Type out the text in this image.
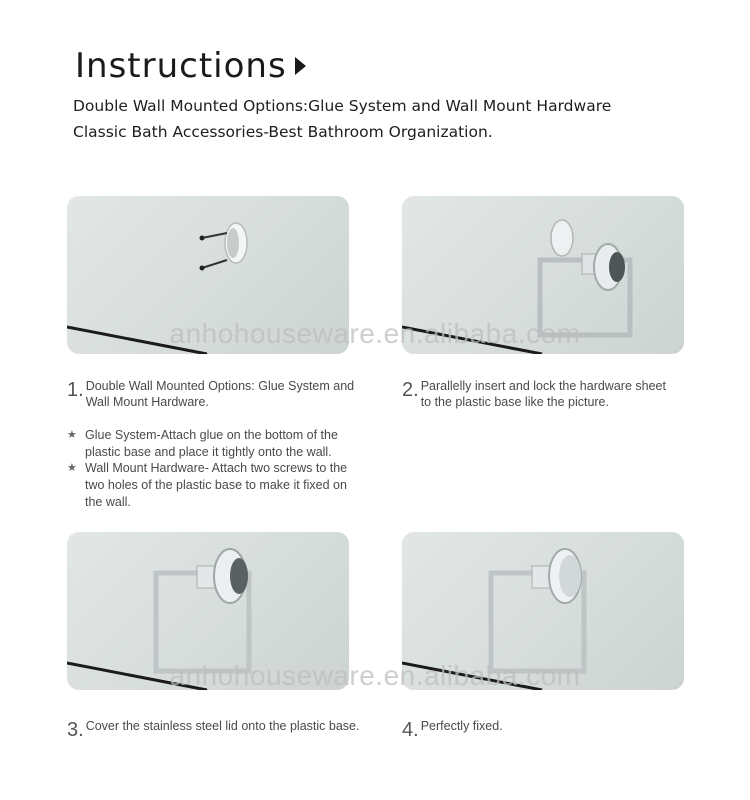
Instructions

Double Wall Mounted Options:Glue System and Wall Mount Hardware

Classic Bath Accessories-Best Bathroom Organization.

anhohouseware.en.alibaba.com
1. Double Wall Mounted Options: Glue System and
Wall Mount Hardware.
2. Parallelly insert and lock the hardware sheet
to the plastic base like the picture.
★ Glue System-Attach glue on the bottom of the
plastic base and place it tightly onto the wall.
★ Wall Mount Hardware- Attach two screws to the
two holes of the plastic base to make it fixed on
the wall.
anhohouseware.en.alibaba.com
3. Cover the stainless steel lid onto the plastic base. 4. Perfectly fixed.
